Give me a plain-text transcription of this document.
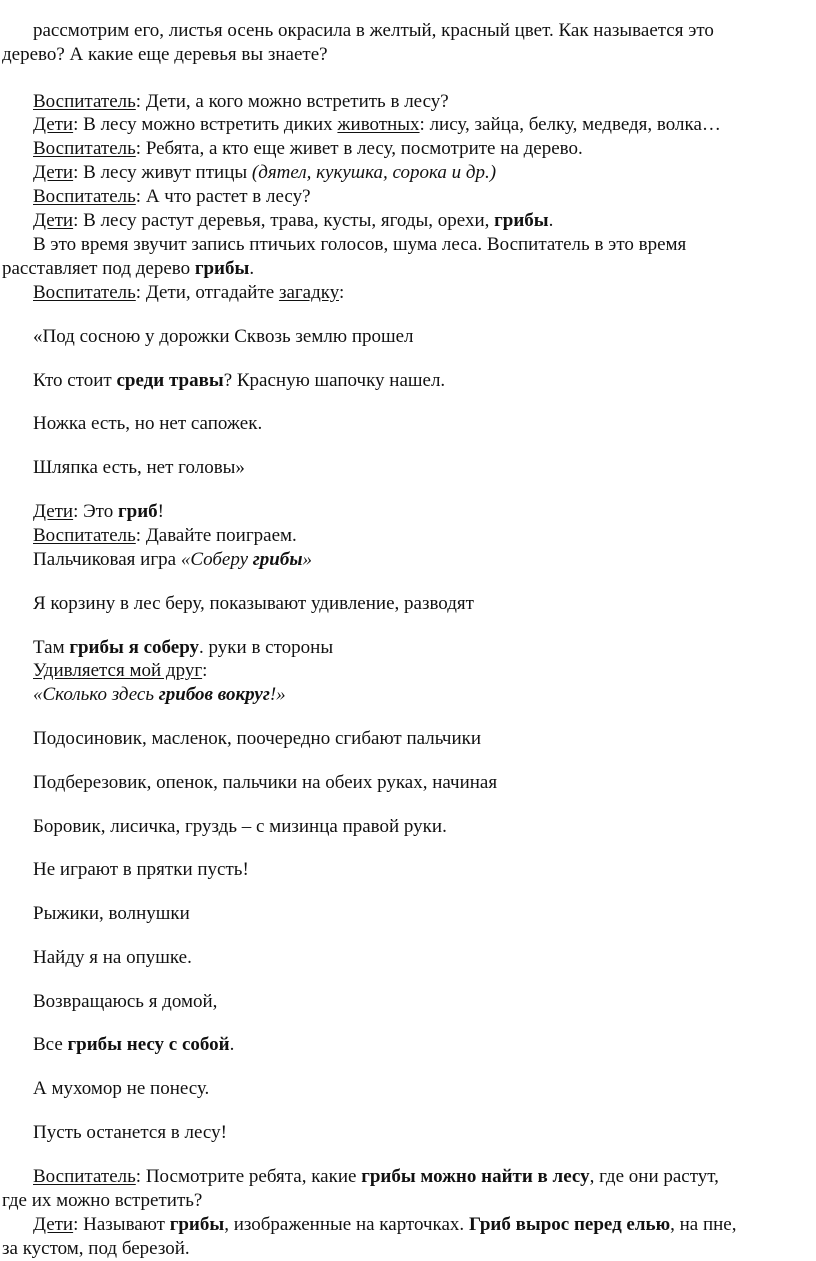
рассмотрим его, листья осень окрасила в желтый, красный цвет. Как называется это
дерево? А какие еще деревья вы знаете?
Воспитатель: Дети, а кого можно встретить в лесу?
Дети: В лесу можно встретить диких животных: лису, зайца, белку, медведя, волка…
Воспитатель: Ребята, а кто еще живет в лесу, посмотрите на дерево.
Дети: В лесу живут птицы (дятел, кукушка, сорока и др.)
Воспитатель: А что растет в лесу?
Дети: В лесу растут деревья, трава, кусты, ягоды, орехи, грибы.
В это время звучит запись птичьих голосов, шума леса. Воспитатель в это время
расставляет под дерево грибы.
Воспитатель: Дети, отгадайте загадку:
«Под сосною у дорожки Сквозь землю прошел
Кто стоит среди травы? Красную шапочку нашел.
Ножка есть, но нет сапожек.
Шляпка есть, нет головы»
Дети: Это гриб!
Воспитатель: Давайте поиграем.
Пальчиковая игра «Соберу грибы»
Я корзину в лес беру, показывают удивление, разводят
Там грибы я соберу. руки в стороны
Удивляется мой друг:
«Сколько здесь грибов вокруг!»
Подосиновик, масленок, поочередно сгибают пальчики
Подберезовик, опенок, пальчики на обеих руках, начиная
Боровик, лисичка, груздь – с мизинца правой руки.
Не играют в прятки пусть!
Рыжики, волнушки
Найду я на опушке.
Возвращаюсь я домой,
Все грибы несу с собой.
А мухомор не понесу.
Пусть останется в лесу!
Воспитатель: Посмотрите ребята, какие грибы можно найти в лесу, где они растут,
где их можно встретить?
Дети: Называют грибы, изображенные на карточках. Гриб вырос перед елью, на пне,
за кустом, под березой.
